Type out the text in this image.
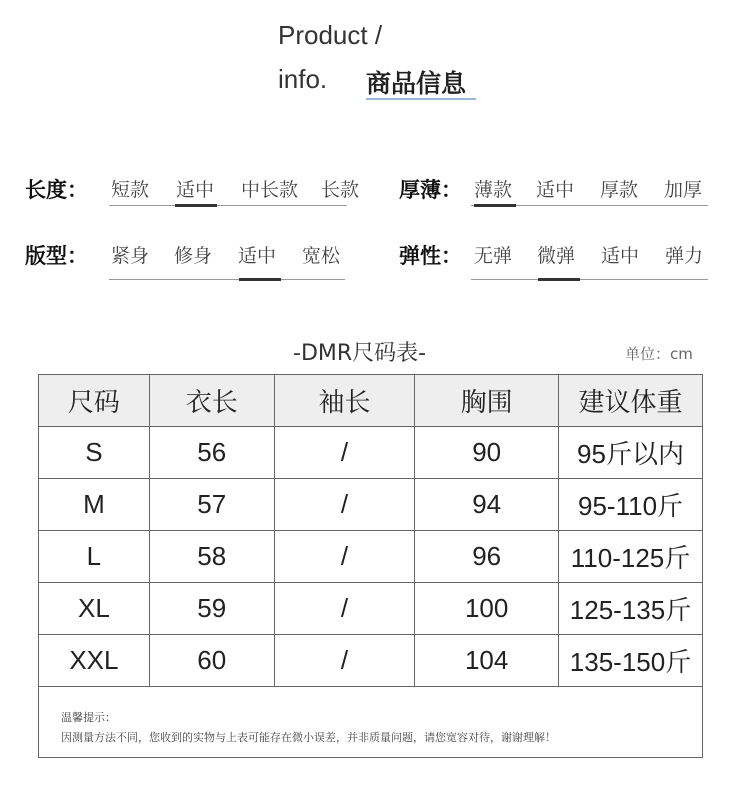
Product /
info. 商品信息
长度： 短款 适中 中长款 长款 厚薄： 薄款 适中 厚款 加厚
版型： 紧身 修身 适中 宽松	弹性： 无弹 微弹 适中 弹力
-DMR尺码表-	单位：cm
尺码	衣长	袖长	胸围	建议体重
S	56	/	90	95斤以内
M	57	/	94	95-110斤
L	58	/	96	110-125斤
XL	59	/	100	125-135斤
XXL	60	/	104	135-150斤
温馨提示：
因测量方法不同，您收到的实物与上表可能存在微小误差，并非质量问题，请您宽容对待，谢谢理解！
